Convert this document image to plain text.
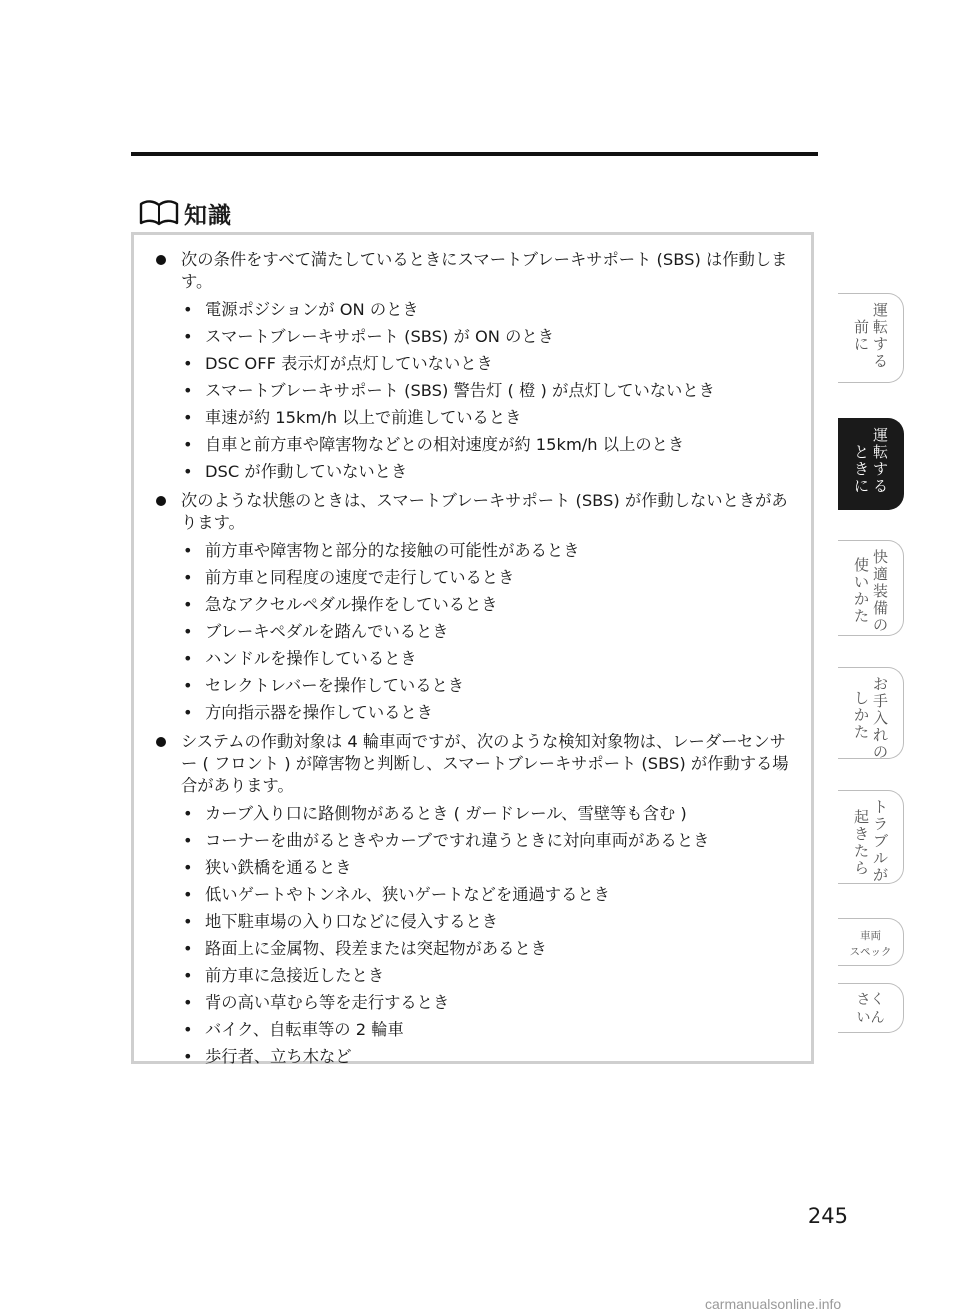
知識
次の条件をすべて満たしているときにスマートブレーキサポート (SBS) は作動します。
• 電源ポジションが ON のとき
• スマートブレーキサポート (SBS) が ON のとき
• DSC OFF 表示灯が点灯していないとき
• スマートブレーキサポート (SBS) 警告灯 ( 橙 ) が点灯していないとき
• 車速が約 15km/h 以上で前進しているとき
• 自車と前方車や障害物などとの相対速度が約 15km/h 以上のとき
• DSC が作動していないとき
次のような状態のときは、スマートブレーキサポート (SBS) が作動しないときがあります。
• 前方車や障害物と部分的な接触の可能性があるとき
• 前方車と同程度の速度で走行しているとき
• 急なアクセルペダル操作をしているとき
• ブレーキペダルを踏んでいるとき
• ハンドルを操作しているとき
• セレクトレバーを操作しているとき
• 方向指示器を操作しているとき
システムの作動対象は 4 輪車両ですが、次のような検知対象物は、レーダーセンサー ( フロント ) が障害物と判断し、スマートブレーキサポート (SBS) が作動する場合があります。
• カーブ入り口に路側物があるとき ( ガードレール、雪壁等も含む )
• コーナーを曲がるときやカーブですれ違うときに対向車両があるとき
• 狭い鉄橋を通るとき
• 低いゲートやトンネル、狭いゲートなどを通過するとき
• 地下駐車場の入り口などに侵入するとき
• 路面上に金属物、段差または突起物があるとき
• 前方車に急接近したとき
• 背の高い草むら等を走行するとき
• バイク、自転車等の 2 輪車
• 歩行者、立ち木など
運転する
前に
運転する
ときに
快適装備の
使いかた
お手入れの
しかた
トラブルが
起きたら
車両
スペック
さく
いん
245
carmanualsonline.info
